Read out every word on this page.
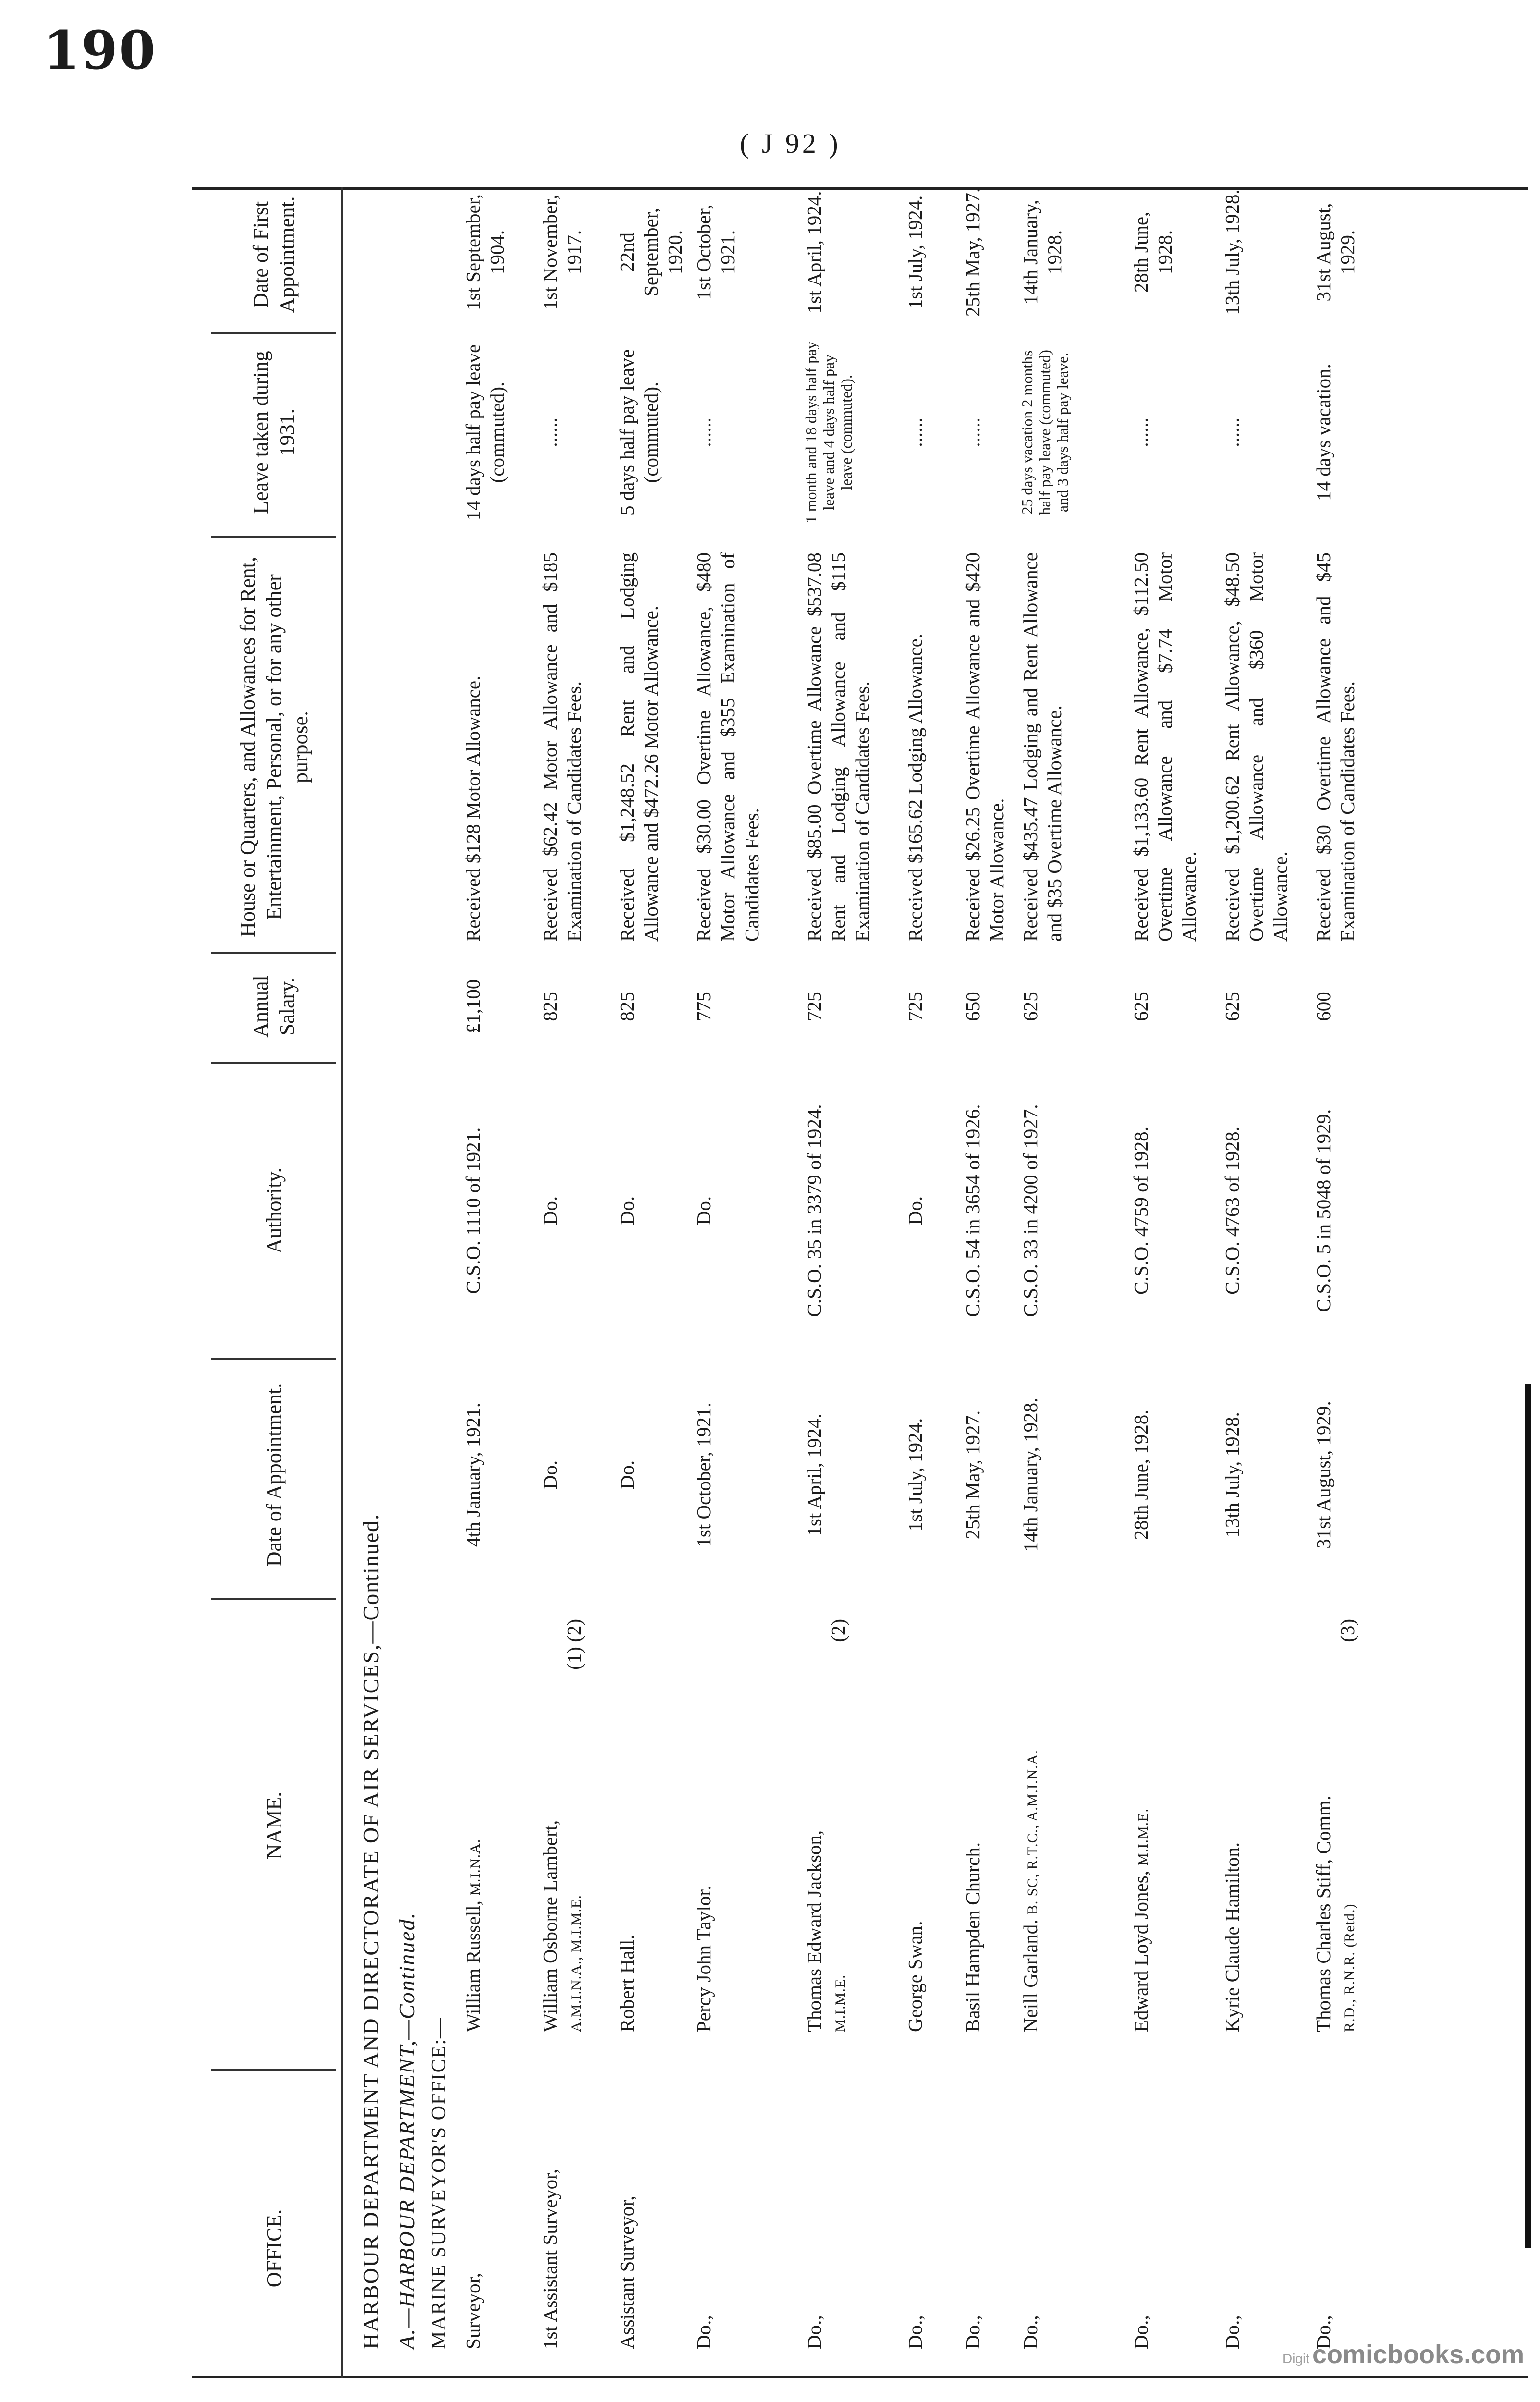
190
( J 92 )
OFFICE.
NAME.
Date of Appointment.
Authority.
Annual Salary.
House or Quarters, and Allowances for Rent, Entertainment, Personal, or for any other purpose.
Leave taken during 1931.
Date of First Appointment.
HARBOUR DEPARTMENT AND DIRECTORATE OF AIR SERVICES,—Continued. A.—HARBOUR DEPARTMENT,—Continued. MARINE SURVEYOR'S OFFICE:— Surveyor,
William Russell, M.I.N.A.
4th January, 1921.
C.S.O. 1110 of 1921.
£1,100
Received $128 Motor Allowance.
14 days half pay leave (commuted).
1st September, 1904.
1st Assistant Surveyor,
William Osborne Lambert, A.M.I.N.A., M.I.M.E.
(1) (2)
Do.
Do.
825
Received $62.42 Motor Allowance and $185 Examination of Candidates Fees.
......
1st November, 1917.
Assistant Surveyor,
Robert Hall.
Do.
Do.
825
Received $1,248.52 Rent and Lodging Allowance and $472.26 Motor Allowance.
5 days half pay leave (commuted).
22nd September, 1920.
Do.,
Percy John Taylor.
1st October, 1921.
Do.
775
Received $30.00 Overtime Allowance, $480 Motor Allowance and $355 Examination of Candidates Fees.
......
1st October, 1921.
Do.,
Thomas Edward Jackson, M.I.M.E.
(2)
1st April, 1924.
C.S.O. 35 in 3379 of 1924.
725
Received $85.00 Overtime Allowance $537.08 Rent and Lodging Allowance and $115 Examination of Candidates Fees.
1 month and 18 days half pay leave and 4 days half pay leave (commuted).
1st April, 1924.
Do.,
George Swan.
1st July, 1924.
Do.
725
Received $165.62 Lodging Allowance.
......
1st July, 1924.
Do.,
Basil Hampden Church.
25th May, 1927.
C.S.O. 54 in 3654 of 1926.
650
Received $26.25 Overtime Allowance and $420 Motor Allowance.
......
25th May, 1927.
Do.,
Neill Garland. B. SC, R.T.C., A.M.I.N.A.
14th January, 1928.
C.S.O. 33 in 4200 of 1927.
625
Received $435.47 Lodging and Rent Allowance and $35 Overtime Allowance.
25 days vacation 2 months half pay leave (commuted) and 3 days half pay leave.
14th January, 1928.
Do.,
Edward Loyd Jones, M.I.M.E.
28th June, 1928.
C.S.O. 4759 of 1928.
625
Received $1,133.60 Rent Allowance, $112.50 Overtime Allowance and $7.74 Motor Allowance.
......
28th June, 1928.
Do.,
Kyrie Claude Hamilton.
13th July, 1928.
C.S.O. 4763 of 1928.
625
Received $1,200.62 Rent Allowance, $48.50 Overtime Allowance and $360 Motor Allowance.
......
13th July, 1928.
Do.,
Thomas Charles Stiff, Comm. R.D., R.N.R. (Retd.)
(3)
31st August, 1929.
C.S.O. 5 in 5048 of 1929.
600
Received $30 Overtime Allowance and $45 Examination of Candidates Fees.
14 days vacation.
31st August, 1929.
Digit comicbooks.com
